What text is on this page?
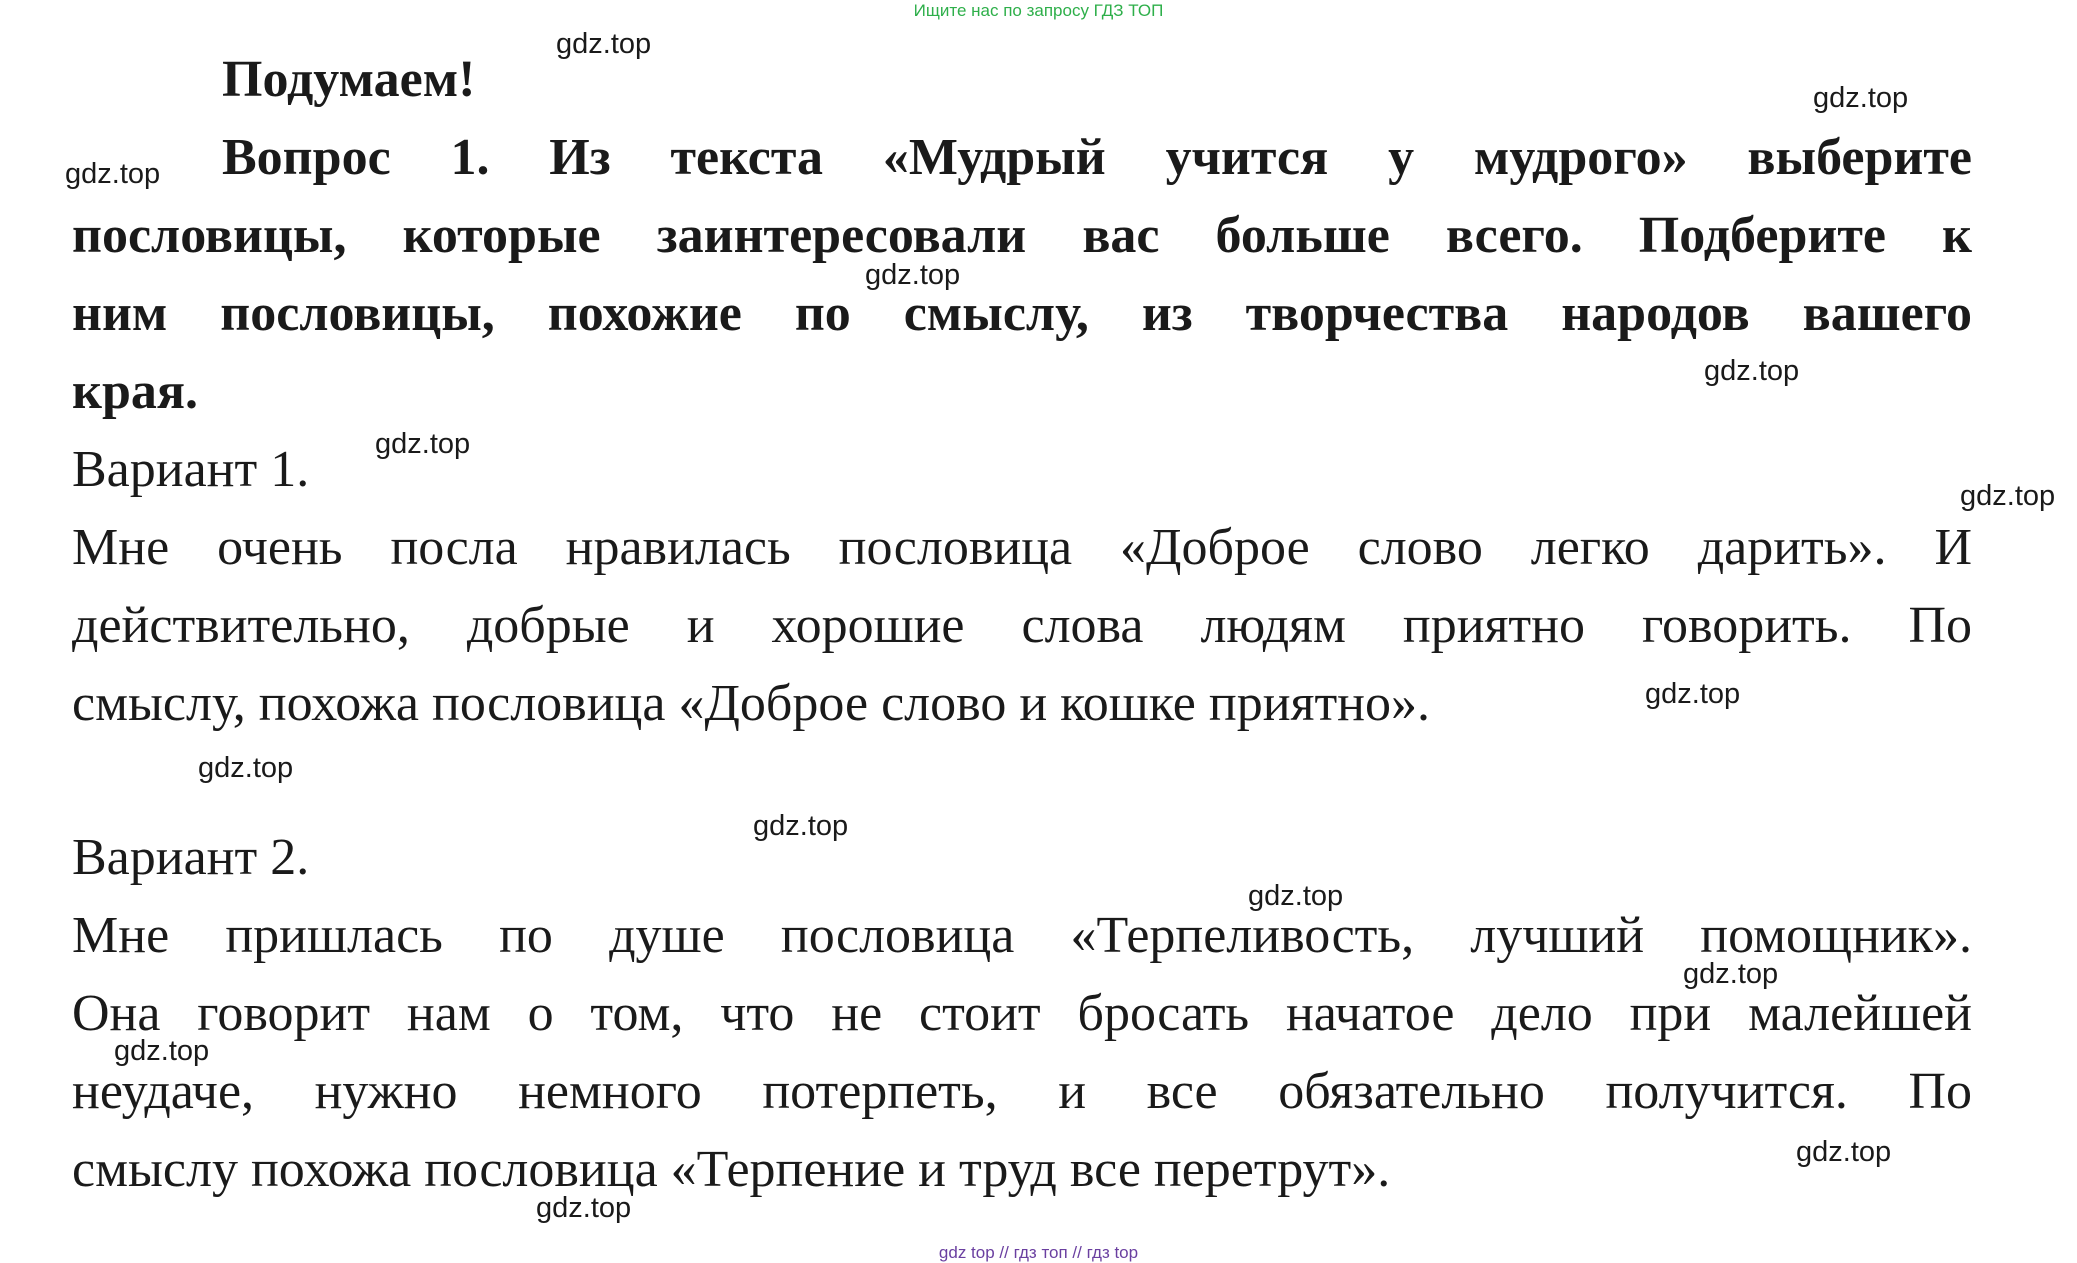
Ищите нас по запросу ГДЗ ТОП
Подумаем!
Вопрос 1. Из текста «Мудрый учится у мудрого» выберите
пословицы, которые заинтересовали вас больше всего. Подберите к
ним пословицы, похожие по смыслу, из творчества народов вашего
края.
Вариант 1.
Мне очень посла нравилась пословица «Доброе слово легко дарить». И
действительно, добрые и хорошие слова людям приятно говорить. По
смыслу, похожа пословица «Доброе слово и кошке приятно».
Вариант 2.
Мне пришлась по душе пословица «Терпеливость, лучший помощник».
Она говорит нам о том, что не стоит бросать начатое дело при малейшей
неудаче, нужно немного потерпеть, и все обязательно получится. По
смыслу похожа пословица «Терпение и труд все перетрут».
gdz.top
gdz.top
gdz.top
gdz.top
gdz.top
gdz.top
gdz.top
gdz.top
gdz.top
gdz.top
gdz.top
gdz.top
gdz.top
gdz.top
gdz.top
gdz top // гдз топ // гдз top
